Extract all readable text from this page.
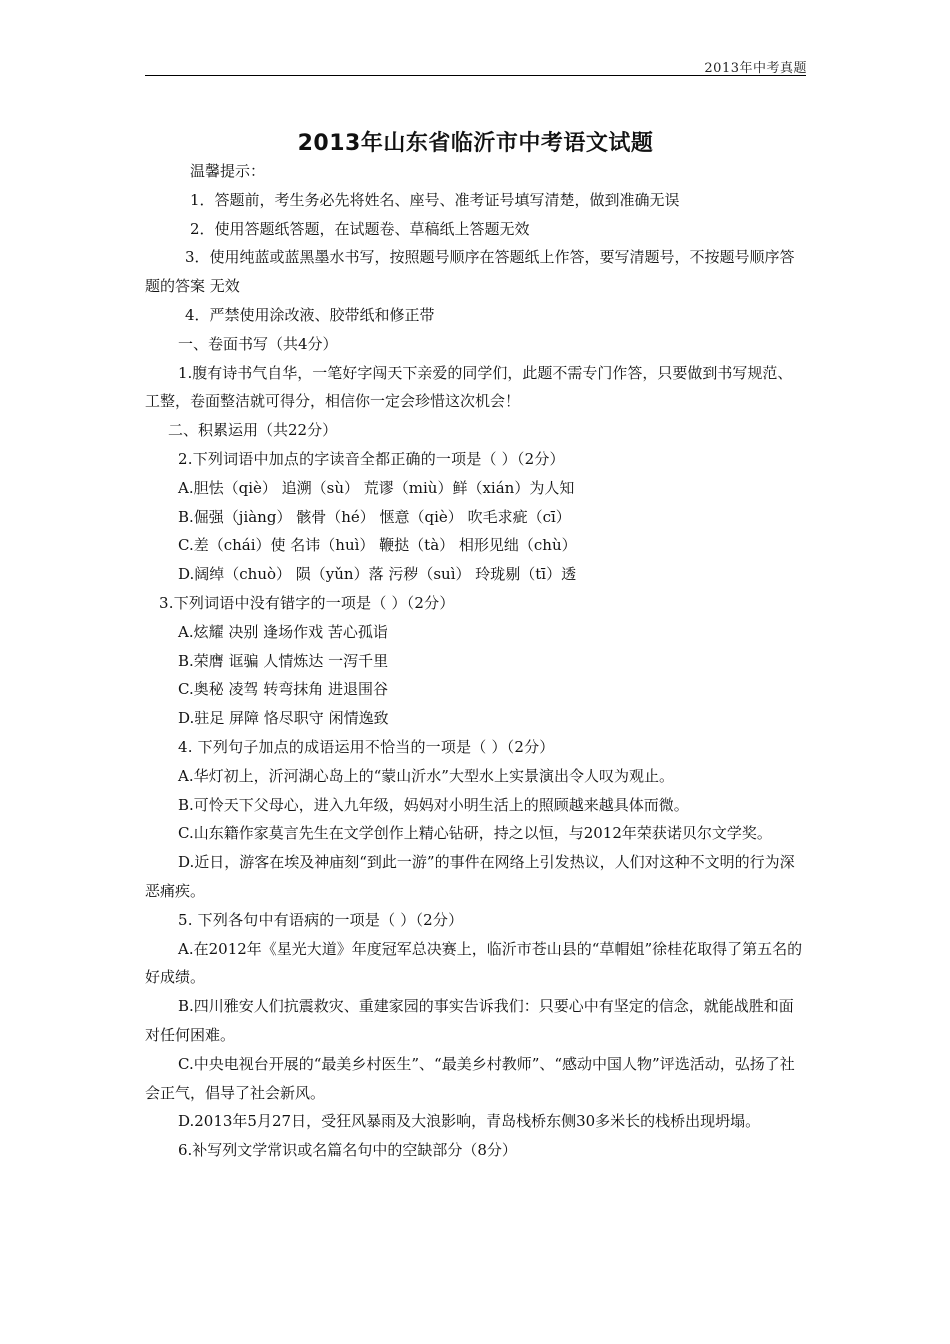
2013年中考真题
2013年山东省临沂市中考语文试题

温馨提示：

1．答题前，考生务必先将姓名、座号、准考证号填写清楚，做到准确无误

2．使用答题纸答题，在试题卷、草稿纸上答题无效

3．使用纯蓝或蓝黑墨水书写，按照题号顺序在答题纸上作答，要写清题号，不按题号顺序答题的答案 无效

4．严禁使用涂改液、胶带纸和修正带

一、卷面书写（共4分）

1.腹有诗书气自华，一笔好字闯天下亲爱的同学们，此题不需专门作答，只要做到书写规范、工整，卷面整洁就可得分，相信你一定会珍惜这次机会！

二、积累运用（共22分）

2.下列词语中加点的字读音全都正确的一项是（ ）（2分）

A.胆怯（qiè） 追溯（sù） 荒谬（miù）鲜（xián）为人知

B.倔强（jiàng） 骸骨（hé） 惬意（qiè） 吹毛求疵（cī）

C.差（chái）使 名讳（huì） 鞭挞（tà） 相形见绌（chù）

D.阔绰（chuò） 陨（yǔn）落 污秽（suì） 玲珑剔（tī）透

3.下列词语中没有错字的一项是（ ）（2分）

A.炫耀 决别 逢场作戏 苦心孤诣

B.荣膺 诓骗 人情炼达 一泻千里

C.奥秘 凌驾 转弯抹角 进退围谷

D.驻足 屏障 恪尽职守 闲情逸致

4. 下列句子加点的成语运用不恰当的一项是（ ）（2分）

A.华灯初上，沂河湖心岛上的“蒙山沂水”大型水上实景演出令人叹为观止。

B.可怜天下父母心，进入九年级，妈妈对小明生活上的照顾越来越具体而微。

C.山东籍作家莫言先生在文学创作上精心钻研，持之以恒，与2012年荣获诺贝尔文学奖。

D.近日，游客在埃及神庙刻“到此一游”的事件在网络上引发热议，人们对这种不文明的行为深恶痛疾。

5. 下列各句中有语病的一项是（ ）（2分）

A.在2012年《星光大道》年度冠军总决赛上，临沂市苍山县的“草帽姐”徐桂花取得了第五名的好成绩。

B.四川雅安人们抗震救灾、重建家园的事实告诉我们：只要心中有坚定的信念，就能战胜和面对任何困难。

C.中央电视台开展的“最美乡村医生”、“最美乡村教师”、“感动中国人物”评选活动，弘扬了社会正气，倡导了社会新风。

D.2013年5月27日，受狂风暴雨及大浪影响，青岛栈桥东侧30多米长的栈桥出现坍塌。

6.补写列文学常识或名篇名句中的空缺部分（8分）
